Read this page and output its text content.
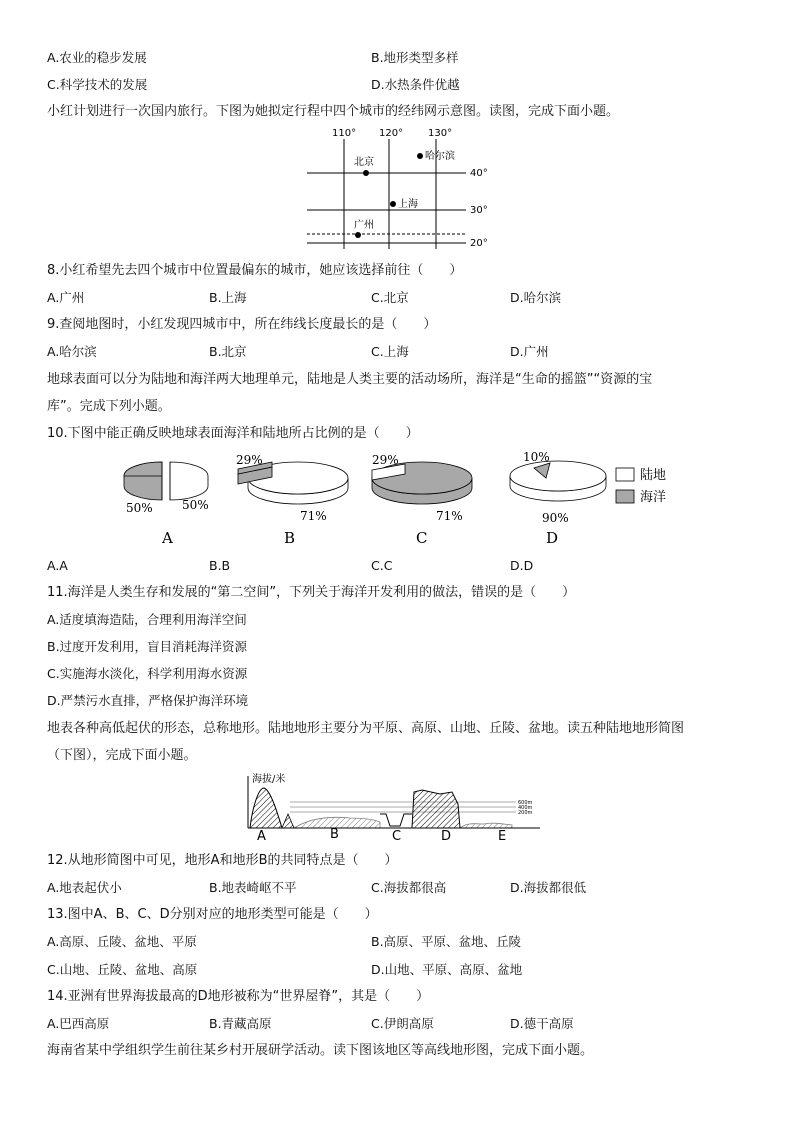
A.农业的稳步发展	B.地形类型多样
C.科学技术的发展	D.水热条件优越
小红计划进行一次国内旅行。下图为她拟定行程中四个城市的经纬网示意图。读图，完成下面小题。
110° 120° 130°
40°
30°
20°
北京
哈尔滨
上海
广州
8.小红希望先去四个城市中位置最偏东的城市，她应该选择前往（　　）
A.广州	B.上海	C.北京	D.哈尔滨
9.查阅地图时，小红发现四城市中，所在纬线长度最长的是（　　）
A.哈尔滨	B.北京	C.上海	D.广州
地球表面可以分为陆地和海洋两大地理单元，陆地是人类主要的活动场所，海洋是“生命的摇篮”“资源的宝
库”。完成下列小题。
10.下图中能正确反映地球表面海洋和陆地所占比例的是（　　）
50% 50%
A
29%
71%
B
29%
71%
C
10%
90%
D
陆地
海洋
A.A	B.B	C.C	D.D
11.海洋是人类生存和发展的“第二空间”，下列关于海洋开发利用的做法，错误的是（　　）
A.适度填海造陆，合理利用海洋空间
B.过度开发利用，盲目消耗海洋资源
C.实施海水淡化，科学利用海水资源
D.严禁污水直排，严格保护海洋环境
地表各种高低起伏的形态，总称地形。陆地地形主要分为平原、高原、山地、丘陵、盆地。读五种陆地地形简图
（下图），完成下面小题。
海拔/米
600m
400m
200m
A	B	C	D	E
12.从地形简图中可见，地形A和地形B的共同特点是（　　）
A.地表起伏小	B.地表崎岖不平	C.海拔都很高	D.海拔都很低
13.图中A、B、C、D分别对应的地形类型可能是（　　）
A.高原、丘陵、盆地、平原	B.高原、平原、盆地、丘陵
C.山地、丘陵、盆地、高原	D.山地、平原、高原、盆地
14.亚洲有世界海拔最高的D地形被称为“世界屋脊”，其是（　　）
A.巴西高原	B.青藏高原	C.伊朗高原	D.德干高原
海南省某中学组织学生前往某乡村开展研学活动。读下图该地区等高线地形图，完成下面小题。
